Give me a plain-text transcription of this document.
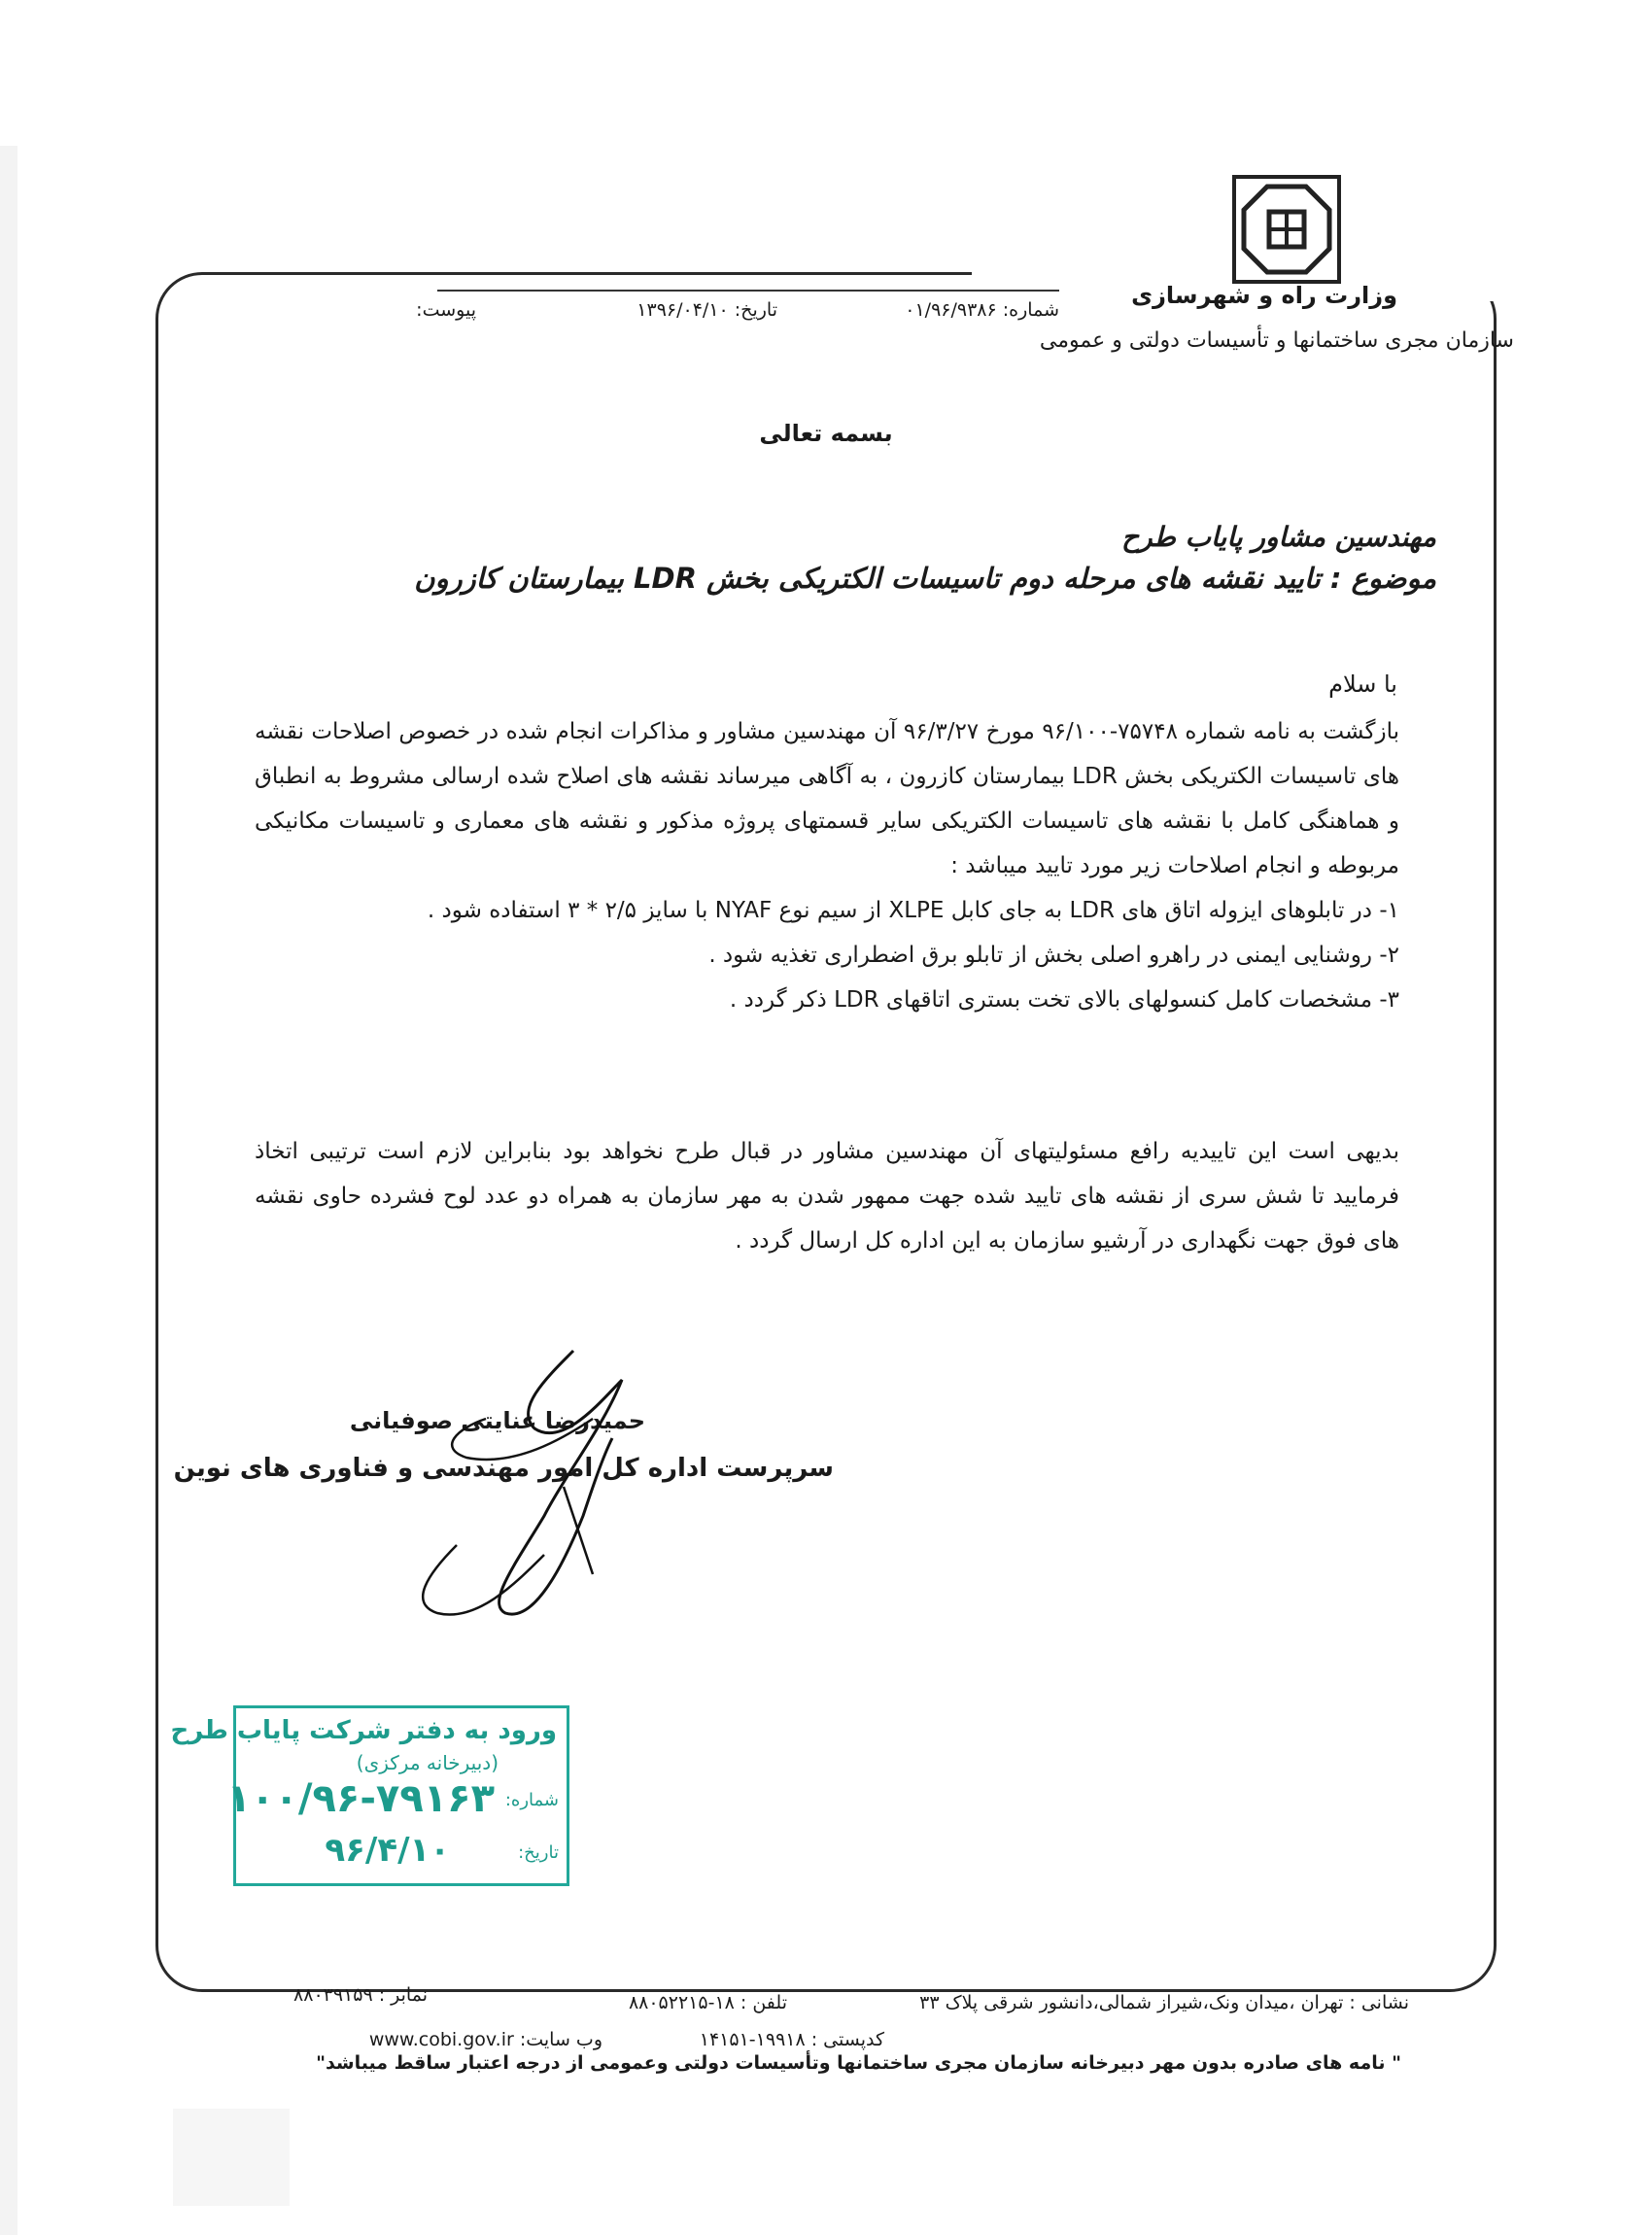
وزارت راه و شهرسازی
سازمان مجری ساختمانها و تأسیسات دولتی و عمومی
شماره: ۰۱/۹۶/۹۳۸۶
تاریخ: ۱۳۹۶/۰۴/۱۰
پیوست:
بسمه تعالی
مهندسین مشاور پایاب طرح
موضوع : تایید نقشه های مرحله دوم تاسیسات الکتریکی بخش LDR بیمارستان کازرون
با سلام

بازگشت به نامه شماره ۷۵۷۴۸-۹۶/۱۰۰ مورخ ۹۶/۳/۲۷ آن مهندسین مشاور و مذاکرات انجام شده در خصوص اصلاحات نقشه های تاسیسات الکتریکی بخش LDR بیمارستان کازرون ، به آگاهی میرساند نقشه های اصلاح شده ارسالی مشروط به انطباق و هماهنگی کامل با نقشه های تاسیسات الکتریکی سایر قسمتهای پروژه مذکور و نقشه های معماری و تاسیسات مکانیکی مربوطه و انجام اصلاحات زیر مورد تایید میباشد :

۱- در تابلوهای ایزوله اتاق های LDR به جای کابل XLPE از سیم نوع NYAF با سایز ۲/۵ * ۳ استفاده شود .

۲- روشنایی ایمنی در راهرو اصلی بخش از تابلو برق اضطراری تغذیه شود .

۳- مشخصات کامل کنسولهای بالای تخت بستری اتاقهای LDR ذکر گردد .

بدیهی است این تاییدیه رافع مسئولیتهای آن مهندسین مشاور در قبال طرح نخواهد بود بنابراین لازم است ترتیبی اتخاذ فرمایید تا شش سری از نقشه های تایید شده جهت ممهور شدن به مهر سازمان به همراه دو عدد لوح فشرده حاوی نقشه های فوق جهت نگهداری در آرشیو سازمان به این اداره کل ارسال گردد .

حمیدرضا عنایتی صوفیانی
سرپرست اداره کل امور مهندسی و فناوری های نوین
ورود به دفتر شرکت پایاب طرح
(دبیرخانه مرکزی)
شماره:
۱۰۰/۹۶-۷۹۱۶۳
تاریخ:
۹۶/۴/۱۰
نشانی : تهران ،میدان ونک،شیراز شمالی،دانشور شرقی پلاک ۳۳
تلفن : ۱۸-۸۸۰۵۲۲۱۵
نمابر : ۸۸۰۳۹۱۵۹
کدپستی : ۱۹۹۱۸-۱۴۱۵۱
وب سایت: www.cobi.gov.ir
" نامه های صادره بدون مهر دبیرخانه سازمان مجری ساختمانها وتأسیسات دولتی وعمومی از درجه اعتبار ساقط میباشد"
